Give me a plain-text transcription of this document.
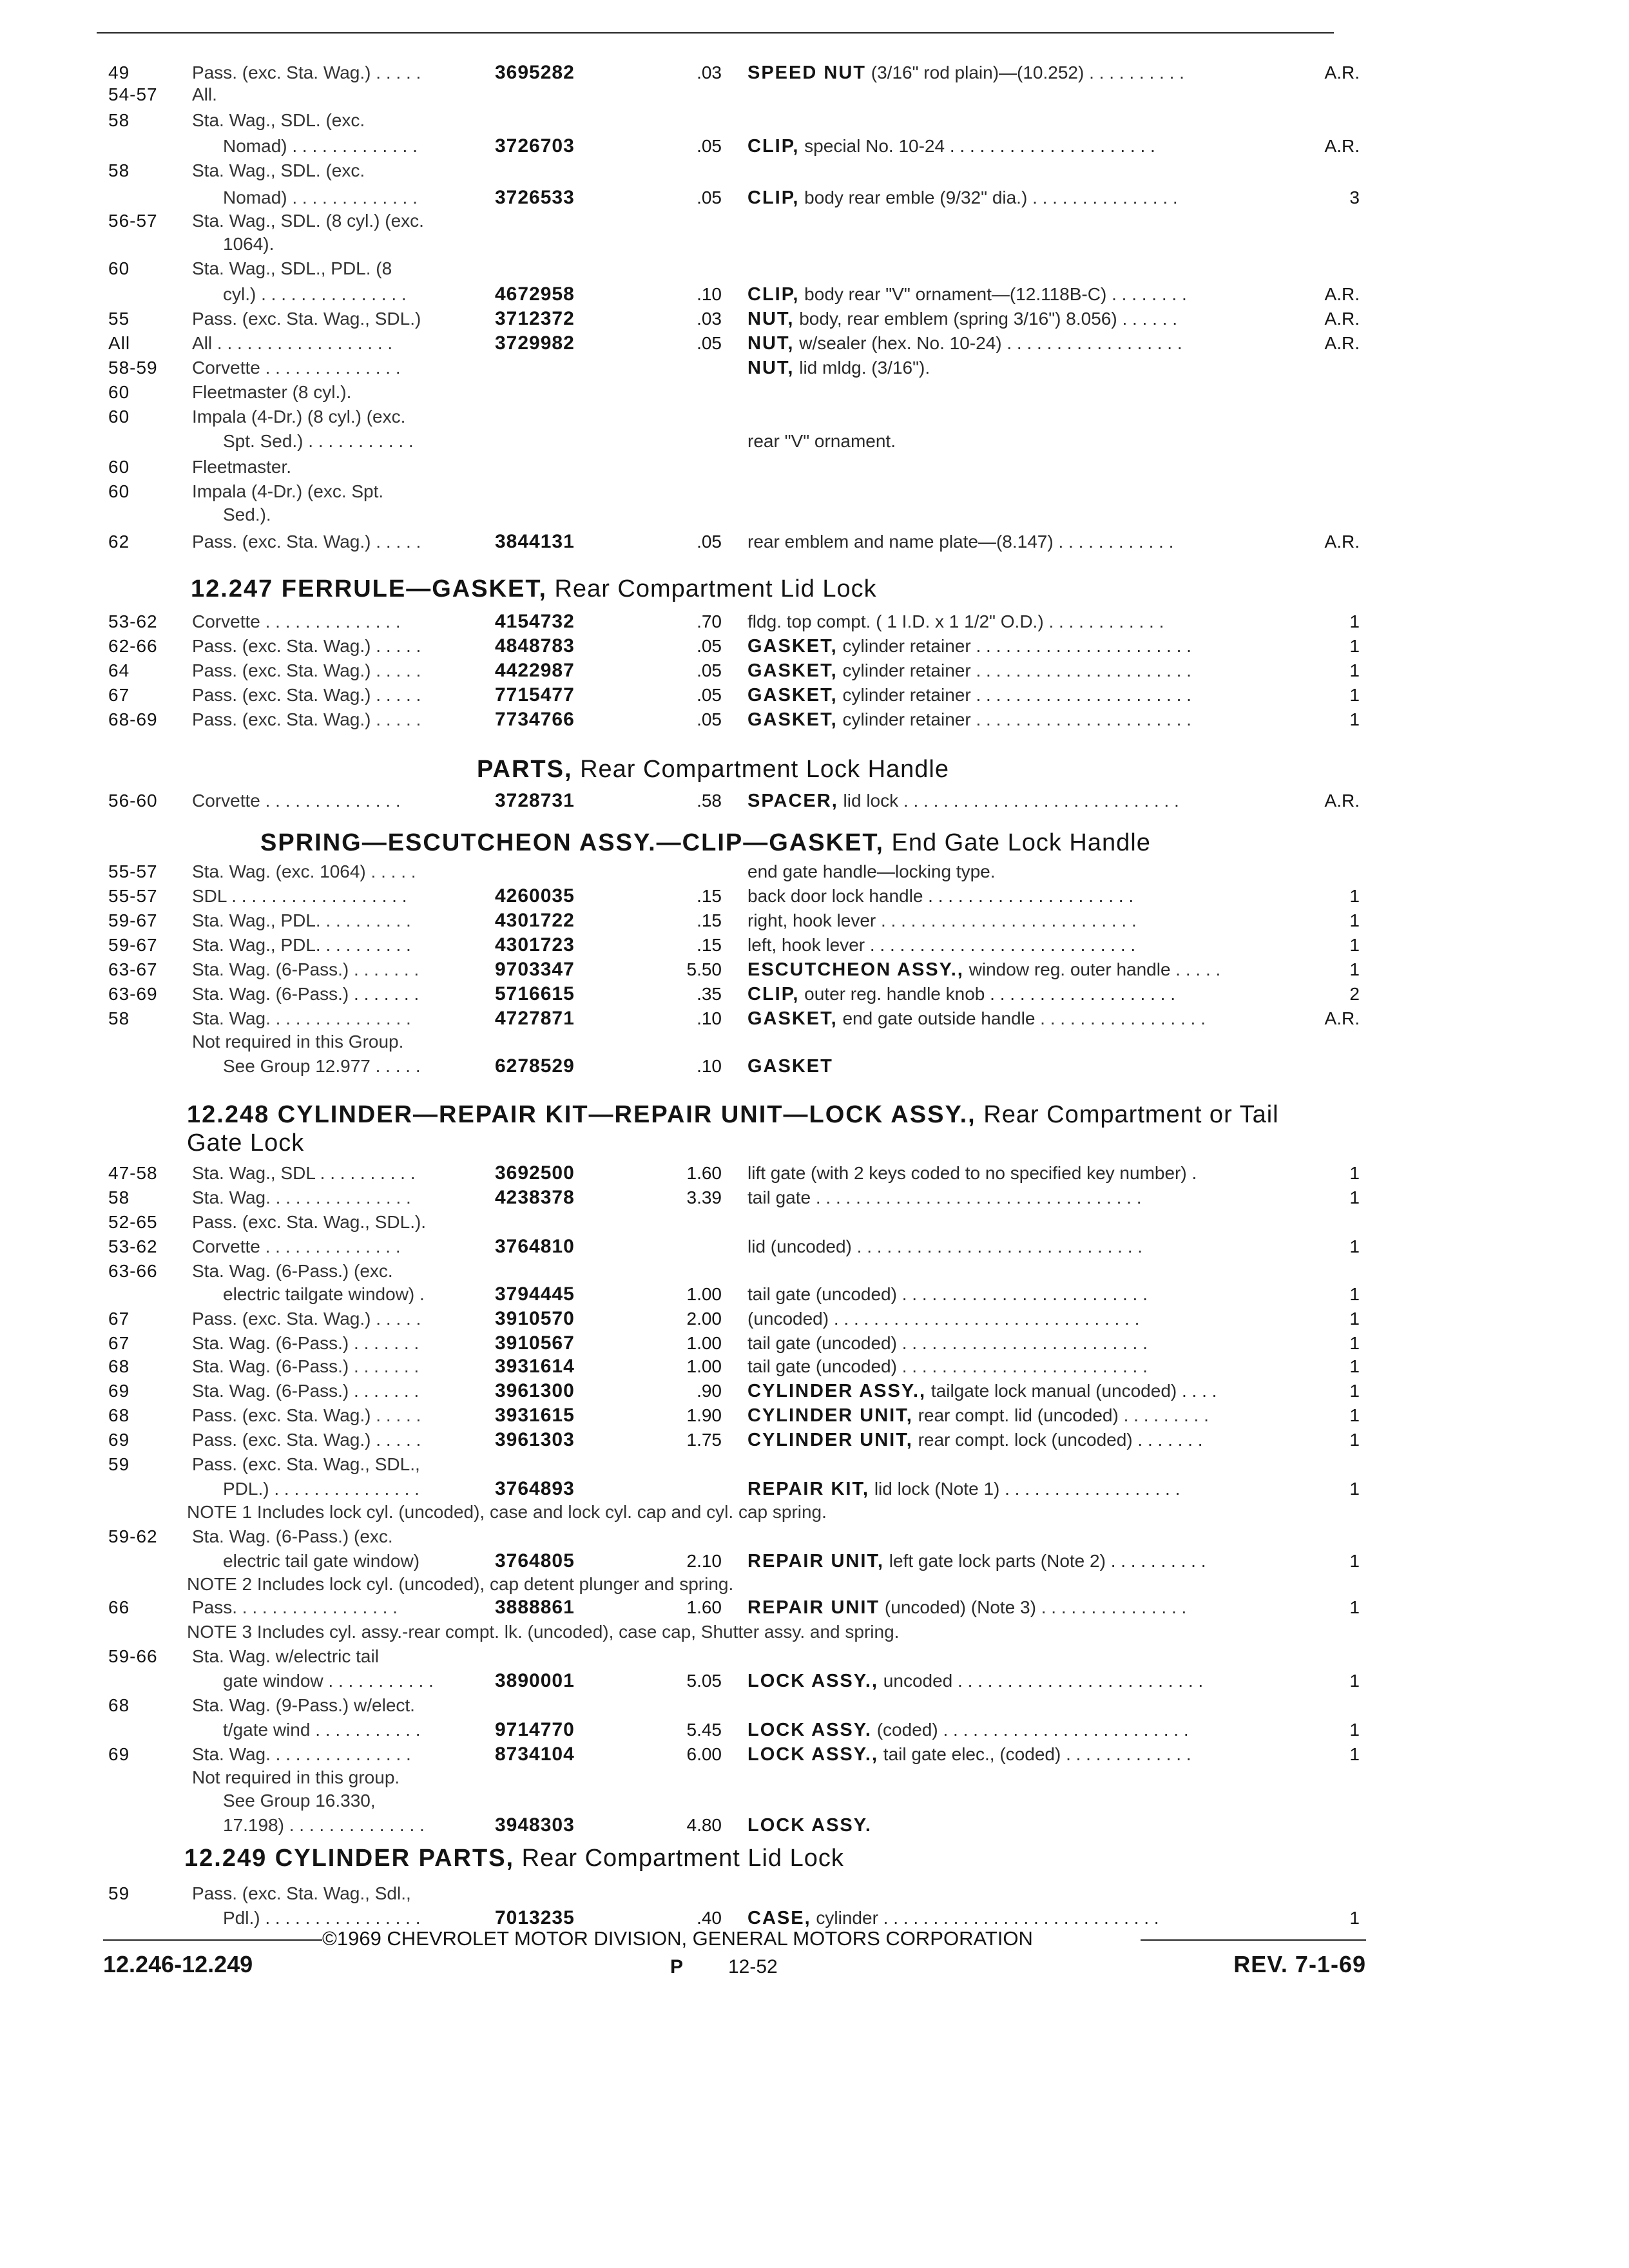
12.247 FERRULE—GASKET, Rear Compartment Lid Lock
PARTS, Rear Compartment Lock Handle
SPRING—ESCUTCHEON ASSY.—CLIP—GASKET, End Gate Lock Handle
12.248 CYLINDER—REPAIR KIT—REPAIR UNIT—LOCK ASSY., Rear Compartment or Tail Gate Lock
12.249 CYLINDER PARTS, Rear Compartment Lid Lock
49	Pass. (exc. Sta. Wag.) . . . . .	3695282	.03 SPEED NUT (3/16" rod plain)—(10.252) . . . . . . . . . .	A.R.
54-57	All.
58	Sta. Wag., SDL. (exc.
Nomad) . . . . . . . . . . . . .	3726703	.05 CLIP, special No. 10-24 . . . . . . . . . . . . . . . . . . . . .	A.R.
58	Sta. Wag., SDL. (exc.
Nomad) . . . . . . . . . . . . .	3726533	.05 CLIP, body rear emble (9/32" dia.) . . . . . . . . . . . . . . .	3
56-57	Sta. Wag., SDL. (8 cyl.) (exc.
1064).
60	Sta. Wag., SDL., PDL. (8
cyl.) . . . . . . . . . . . . . . .	4672958	.10 CLIP, body rear "V" ornament—(12.118B-C) . . . . . . . .	A.R.
55	Pass. (exc. Sta. Wag., SDL.)	3712372	.03 NUT, body, rear emblem (spring 3/16") 8.056) . . . . . .	A.R.
All	All . . . . . . . . . . . . . . . . . .	3729982	.05 NUT, w/sealer (hex. No. 10-24) . . . . . . . . . . . . . . . . . .	A.R.
58-59	Corvette . . . . . . . . . . . . . .	NUT, lid mldg. (3/16").
60	Fleetmaster (8 cyl.).
60	Impala (4-Dr.) (8 cyl.) (exc.
Spt. Sed.) . . . . . . . . . . .	rear "V" ornament.
60	Fleetmaster.
60	Impala (4-Dr.) (exc. Spt.
Sed.).
62	Pass. (exc. Sta. Wag.) . . . . .	3844131	.05 rear emblem and name plate—(8.147) . . . . . . . . . . . .	A.R.
53-62	Corvette . . . . . . . . . . . . . .	4154732	.70 fldg. top compt. ( 1 I.D. x 1 1/2" O.D.) . . . . . . . . . . . .	1
62-66	Pass. (exc. Sta. Wag.) . . . . .	4848783	.05 GASKET, cylinder retainer . . . . . . . . . . . . . . . . . . . . . .	1
64	Pass. (exc. Sta. Wag.) . . . . .	4422987	.05 GASKET, cylinder retainer . . . . . . . . . . . . . . . . . . . . . .	1
67	Pass. (exc. Sta. Wag.) . . . . .	7715477	.05 GASKET, cylinder retainer . . . . . . . . . . . . . . . . . . . . . .	1
68-69	Pass. (exc. Sta. Wag.) . . . . .	7734766	.05 GASKET, cylinder retainer . . . . . . . . . . . . . . . . . . . . . .	1
56-60	Corvette . . . . . . . . . . . . . .	3728731	.58 SPACER, lid lock . . . . . . . . . . . . . . . . . . . . . . . . . . . .	A.R.
55-57	Sta. Wag. (exc. 1064) . . . . .	end gate handle—locking type.
55-57	SDL . . . . . . . . . . . . . . . . . .	4260035	.15 back door lock handle . . . . . . . . . . . . . . . . . . . . .	1
59-67	Sta. Wag., PDL. . . . . . . . . .	4301722	.15 right, hook lever . . . . . . . . . . . . . . . . . . . . . . . . . .	1
59-67	Sta. Wag., PDL. . . . . . . . . .	4301723	.15 left, hook lever . . . . . . . . . . . . . . . . . . . . . . . . . . .	1
63-67	Sta. Wag. (6-Pass.) . . . . . . .	9703347	5.50 ESCUTCHEON ASSY., window reg. outer handle . . . . .	1
63-69	Sta. Wag. (6-Pass.) . . . . . . .	5716615	.35 CLIP, outer reg. handle knob . . . . . . . . . . . . . . . . . . .	2
58	Sta. Wag. . . . . . . . . . . . . . .	4727871	.10 GASKET, end gate outside handle . . . . . . . . . . . . . . . . .	A.R.
Not required in this Group.
See Group 12.977 . . . . .	6278529	.10 GASKET
47-58	Sta. Wag., SDL . . . . . . . . . .	3692500	1.60 lift gate (with 2 keys coded to no specified key number) .	1
58	Sta. Wag. . . . . . . . . . . . . . .	4238378	3.39 tail gate . . . . . . . . . . . . . . . . . . . . . . . . . . . . . . . . .	1
52-65	Pass. (exc. Sta. Wag., SDL.).
53-62	Corvette . . . . . . . . . . . . . .	3764810	lid (uncoded) . . . . . . . . . . . . . . . . . . . . . . . . . . . . .	1
63-66	Sta. Wag. (6-Pass.) (exc.
electric tailgate window) .	3794445	1.00 tail gate (uncoded) . . . . . . . . . . . . . . . . . . . . . . . . .	1
67	Pass. (exc. Sta. Wag.) . . . . .	3910570	2.00 (uncoded) . . . . . . . . . . . . . . . . . . . . . . . . . . . . . . .	1
67	Sta. Wag. (6-Pass.) . . . . . . .	3910567	1.00 tail gate (uncoded) . . . . . . . . . . . . . . . . . . . . . . . . .	1
68	Sta. Wag. (6-Pass.) . . . . . . .	3931614	1.00 tail gate (uncoded) . . . . . . . . . . . . . . . . . . . . . . . . .	1
69	Sta. Wag. (6-Pass.) . . . . . . .	3961300	.90 CYLINDER ASSY., tailgate lock manual (uncoded) . . . .	1
68	Pass. (exc. Sta. Wag.) . . . . .	3931615	1.90 CYLINDER UNIT, rear compt. lid (uncoded) . . . . . . . . .	1
69	Pass. (exc. Sta. Wag.) . . . . .	3961303	1.75 CYLINDER UNIT, rear compt. lock (uncoded) . . . . . . .	1
59	Pass. (exc. Sta. Wag., SDL.,
PDL.) . . . . . . . . . . . . . . .	3764893	REPAIR KIT, lid lock (Note 1) . . . . . . . . . . . . . . . . . .	1
NOTE 1 Includes lock cyl. (uncoded), case and lock cyl. cap and cyl. cap spring.
59-62	Sta. Wag. (6-Pass.) (exc.
electric tail gate window)	3764805	2.10 REPAIR UNIT, left gate lock parts (Note 2) . . . . . . . . . .	1
NOTE 2 Includes lock cyl. (uncoded), cap detent plunger and spring.
66	Pass. . . . . . . . . . . . . . . . .	3888861	1.60 REPAIR UNIT (uncoded) (Note 3) . . . . . . . . . . . . . . .	1
NOTE 3 Includes cyl. assy.-rear compt. lk. (uncoded), case cap, Shutter assy. and spring.
59-66	Sta. Wag. w/electric tail
gate window . . . . . . . . . . .	3890001	5.05 LOCK ASSY., uncoded . . . . . . . . . . . . . . . . . . . . . . . . .	1
68	Sta. Wag. (9-Pass.) w/elect.
t/gate wind . . . . . . . . . . .	9714770	5.45 LOCK ASSY. (coded) . . . . . . . . . . . . . . . . . . . . . . . . .	1
69	Sta. Wag. . . . . . . . . . . . . . .	8734104	6.00 LOCK ASSY., tail gate elec., (coded) . . . . . . . . . . . . .	1
Not required in this group.
See Group 16.330,
17.198) . . . . . . . . . . . . . .	3948303	4.80 LOCK ASSY.
59	Pass. (exc. Sta. Wag., Sdl.,
Pdl.) . . . . . . . . . . . . . . . .	7013235	.40 CASE, cylinder . . . . . . . . . . . . . . . . . . . . . . . . . . . .	1
©1969 CHEVROLET MOTOR DIVISION, GENERAL MOTORS CORPORATION
12.246-12.249	P	12-52	REV. 7-1-69
